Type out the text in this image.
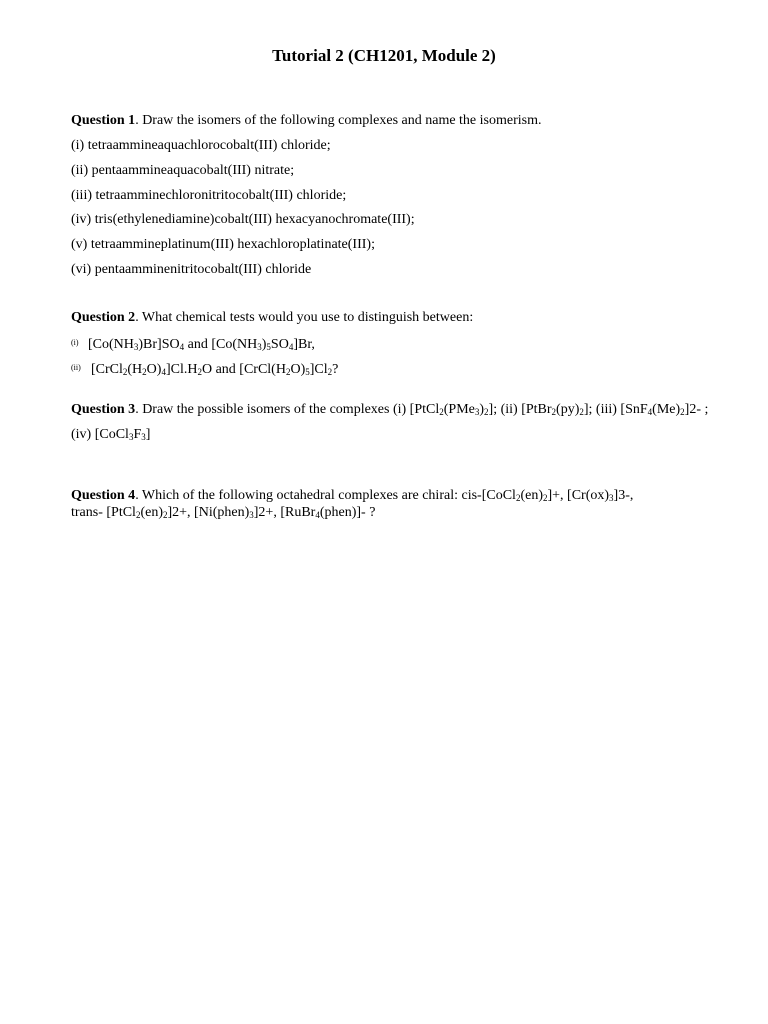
Tutorial 2 (CH1201, Module 2)
Question 1. Draw the isomers of the following complexes and name the isomerism.
(i) tetraamminеaquachlorocobalt(III) chloride;
(ii) pentaammineaquacobalt(III) nitrate;
(iii) tetraamminechloronitritocobalt(III) chloride;
(iv) tris(ethylenediamine)cobalt(III) hexacyanochromate(III);
(v) tetraammineplatinum(III) hexachloroplatinate(III);
(vi) pentaamminenitritocobalt(III) chloride
Question 2. What chemical tests would you use to distinguish between:
(i) $[Co(NH_3)Br]SO_4$ and $[Co(NH_3)_5SO_4]Br$,
(ii) $[CrCl_2(H_2O)_4]Cl.H_2O$ and $[CrCl(H_2O)_5]Cl_2$?
Question 3. Draw the possible isomers of the complexes (i) $[PtCl_2(PMe_3)_2]$; (ii) $[PtBr_2(py)_2]$; (iii) $[SnF_4(Me)_2]2-$ ;
(iv) $[CoCl_3F_3]$
Question 4. Which of the following octahedral complexes are chiral: cis-$[CoCl_2(en)_2]+$, $[Cr(ox)_3]3-$,
trans- $[PtCl_2(en)_2]2+$, $[Ni(phen)_3]2+$, [RuBr$_4$(phen)]- ?
